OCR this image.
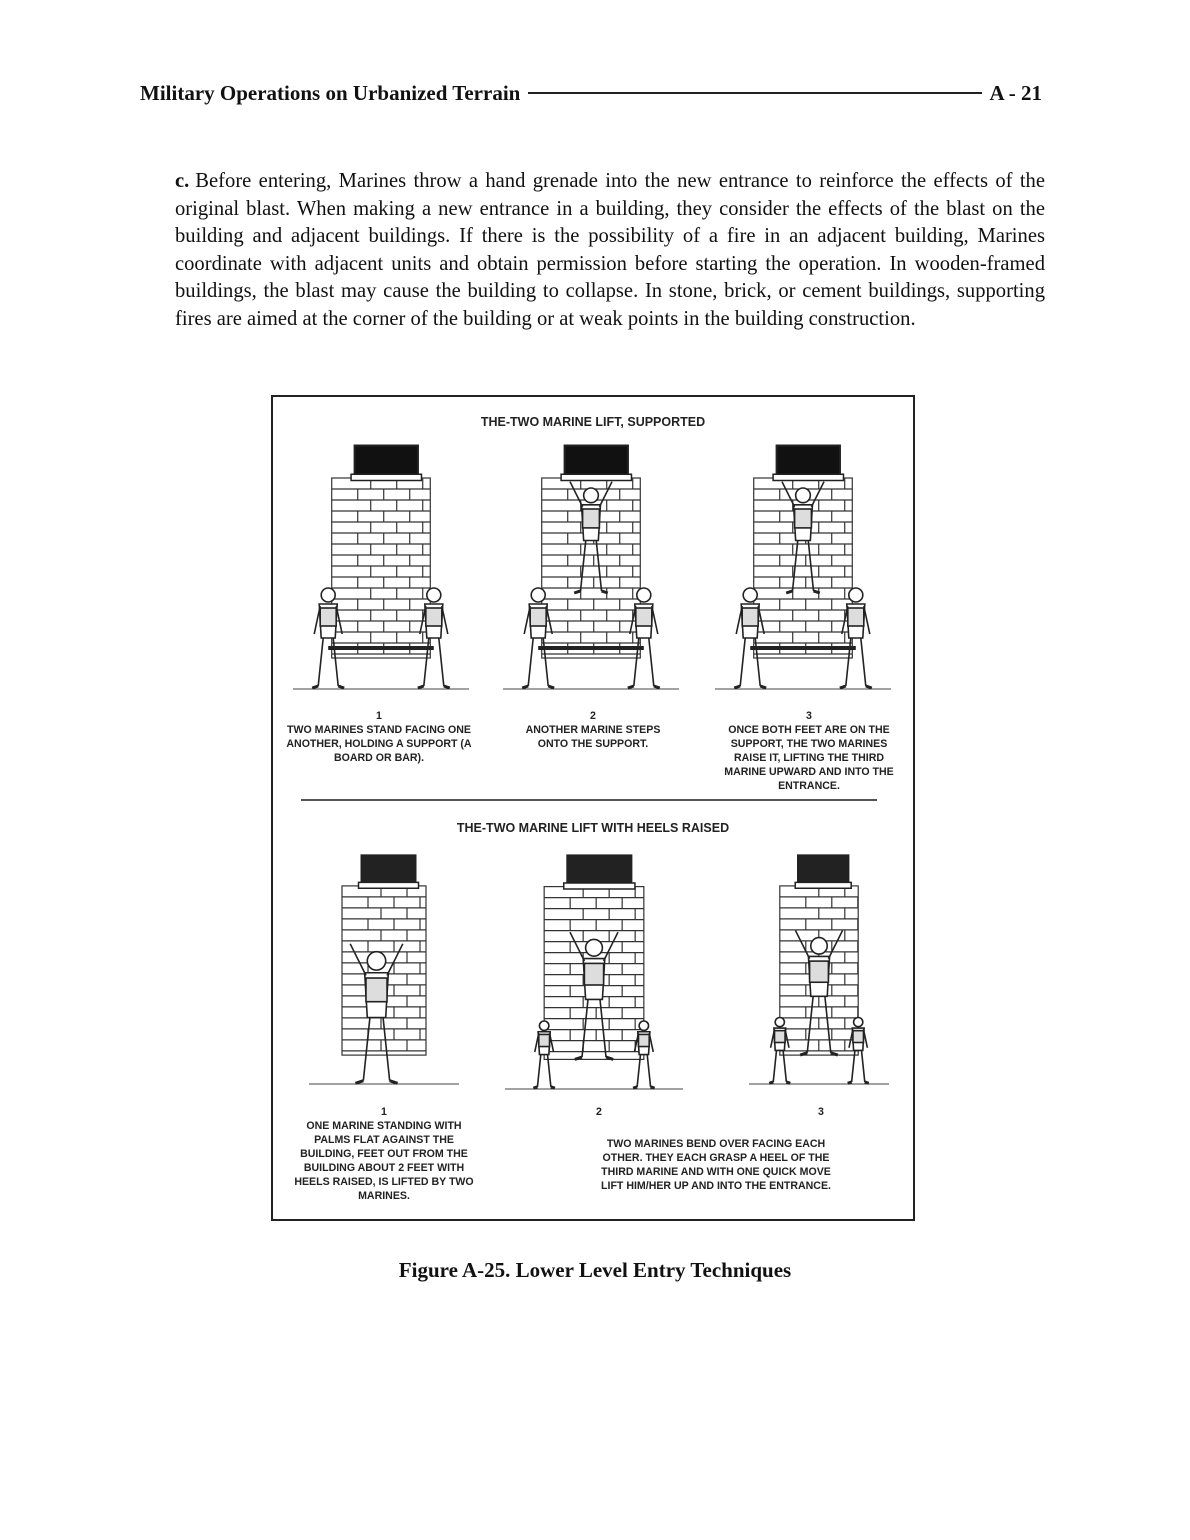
Military Operations on Urbanized Terrain	A - 21
c. Before entering, Marines throw a hand grenade into the new entrance to reinforce the effects of the original blast. When making a new entrance in a building, they consider the effects of the blast on the building and adjacent buildings. If there is the possibility of a fire in an adjacent building, Marines coordinate with adjacent units and obtain permission before starting the operation. In wooden-framed buildings, the blast may cause the building to collapse. In stone, brick, or cement buildings, supporting fires are aimed at the corner of the building or at weak points in the building construction.
THE-TWO MARINE LIFT, SUPPORTED
1
TWO MARINES STAND FACING ONE ANOTHER, HOLDING A SUPPORT (A BOARD OR BAR).
2
ANOTHER MARINE STEPS ONTO THE SUPPORT.
3
ONCE BOTH FEET ARE ON THE SUPPORT, THE TWO MARINES RAISE IT, LIFTING THE THIRD MARINE UPWARD AND INTO THE ENTRANCE.
THE-TWO MARINE LIFT WITH HEELS RAISED
1
ONE MARINE STANDING WITH PALMS FLAT AGAINST THE BUILDING, FEET OUT FROM THE BUILDING ABOUT 2 FEET WITH HEELS RAISED, IS LIFTED BY TWO MARINES.
2	3
TWO MARINES BEND OVER FACING EACH OTHER. THEY EACH GRASP A HEEL OF THE THIRD MARINE AND WITH ONE QUICK MOVE LIFT HIM/HER UP AND INTO THE ENTRANCE.
Figure A-25. Lower Level Entry Techniques
